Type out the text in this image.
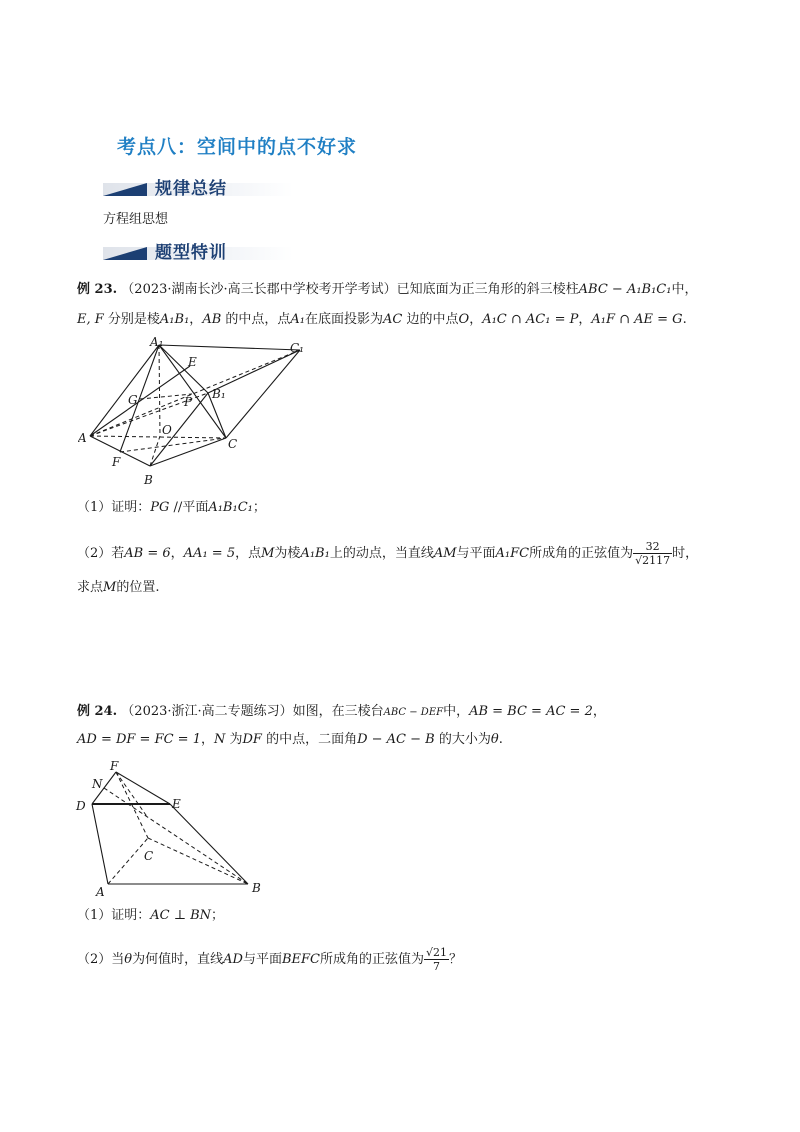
考点八：空间中的点不好求
规律总结
方程组思想
题型特训
例 23. （2023·湖南长沙·高三长郡中学校考开学考试）已知底面为正三角形的斜三棱柱ABC − A₁B₁C₁中，
E, F 分别是棱A₁B₁，AB 的中点，点A₁在底面投影为AC 边的中点O，A₁C ∩ AC₁ = P，A₁F ∩ AE = G.
A₁	C₁
E
B₁
G	P
O
A	C
F
B
（1）证明：PG //平面A₁B₁C₁；
（2）若AB = 6，AA₁ = 5，点M为棱A₁B₁上的动点，当直线AM与平面A₁FC所成角的正弦值为 $\frac{32}{√2117}$ 时，
求点M的位置.
例 24. （2023·浙江·高二专题练习）如图，在三棱台ABC − DEF中，AB = BC = AC = 2，
AD = DF = FC = 1，N 为DF 的中点，二面角D − AC − B 的大小为θ.
F
N
D	E
C
A	B
（1）证明：AC ⊥ BN；
（2）当θ为何值时，直线AD与平面BEFC所成角的正弦值为 $\frac{√21}{7}$ ？
